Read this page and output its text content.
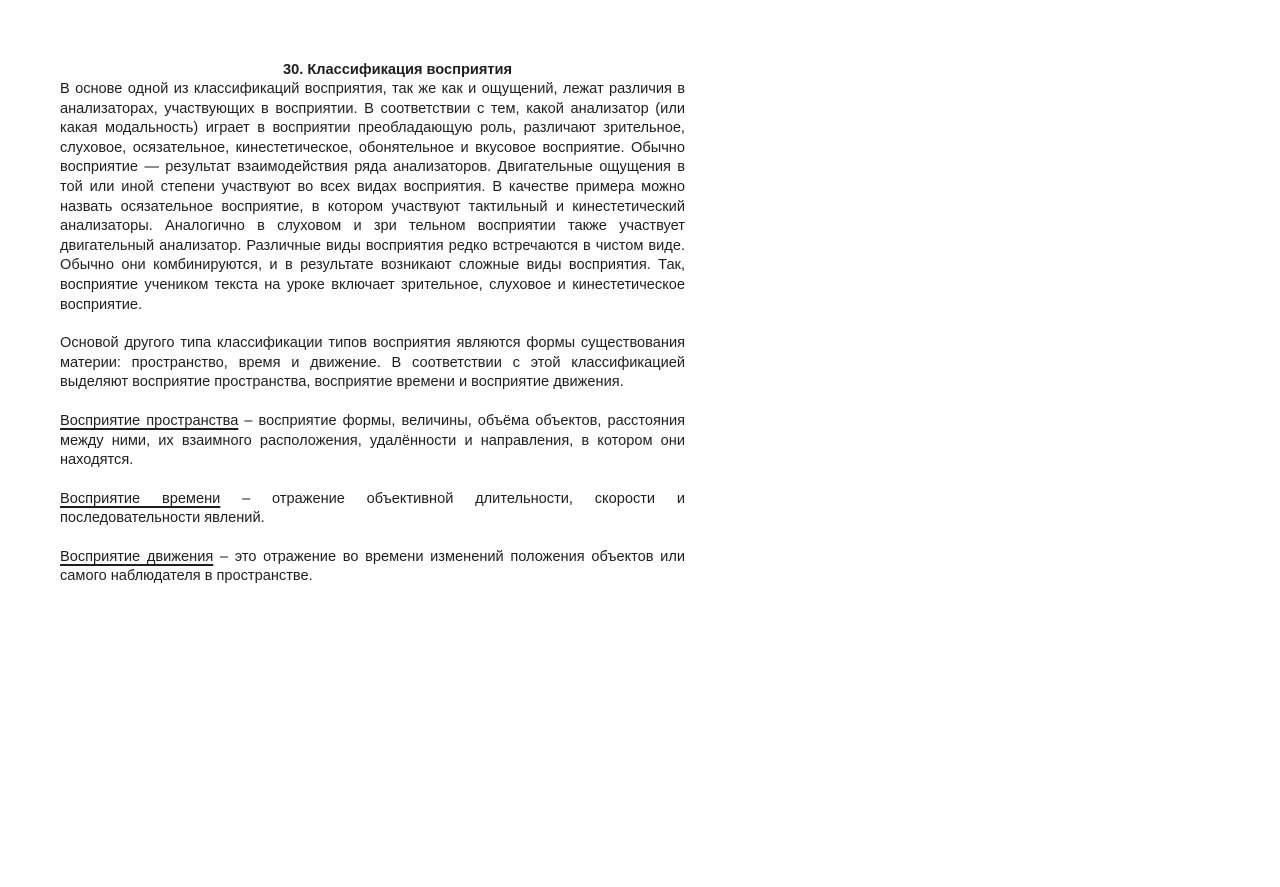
30. Классификация восприятия

В основе одной из классификаций восприятия, так же как и ощущений, лежат различия в анализаторах, участвующих в восприятии. В соответствии с тем, какой анализатор (или какая модальность) играет в восприятии преобладающую роль, различают зрительное, слуховое, осязательное, кинестетическое, обонятельное и вкусовое восприятие. Обычно восприятие — результат взаимодействия ряда анализаторов. Двигательные ощущения в той или иной степени участвуют во всех видах восприятия. В качестве примера можно назвать осязательное восприятие, в котором участвуют тактильный и кинестетический анализаторы. Аналогично в слуховом и зри тельном восприятии также участвует двигательный анализатор. Различные виды восприятия редко встречаются в чистом виде. Обычно они комбинируются, и в результате возникают сложные виды восприятия. Так, восприятие учеником текста на уроке включает зрительное, слуховое и кинестетическое восприятие.

Основой другого типа классификации типов восприятия являются формы существования материи: пространство, время и движение. В соответствии с этой классификацией выделяют восприятие пространства, восприятие времени и восприятие движения.

Восприятие пространства – восприятие формы, величины, объёма объектов, расстояния между ними, их взаимного расположения, удалённости и направления, в котором они находятся.

Восприятие времени – отражение объективной длительности, скорости и последовательности явлений.

Восприятие движения – это отражение во времени изменений положения объектов или самого наблюдателя в пространстве.
